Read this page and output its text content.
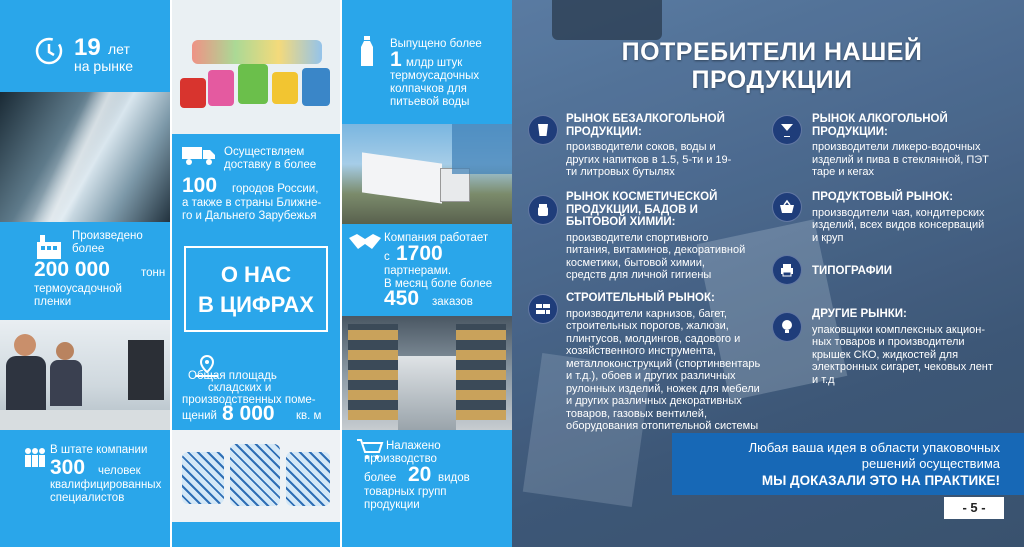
19 лет
на рынке
Произведено
более
200 000	тонн
термоусадочной
пленки
В штате компании
300 человек
квалифицированных
специалистов
Осуществляем
доставку в более
100 городов России,
а также в страны Ближне-
го и Дальнего Зарубежья
О НАС
В ЦИФРАХ
Общая площадь
складских и
производственных поме-
щений 8 000 кв. м
Выпущено более
1 млдр штук
термоусадочных
колпачков для
питьевой воды
Компания работает
с 1700
партнерами.
В месяц боле более
450 заказов
Налажено
производство
более 20 видов
товарных групп
продукции
ПОТРЕБИТЕЛИ НАШЕЙ
ПРОДУКЦИИ
РЫНОК БЕЗАЛКОГОЛЬНОЙ ПРОДУКЦИИ:
производители соков, воды и других напитков в 1.5, 5-ти и 19-ти литровых бутылях
РЫНОК АЛКОГОЛЬНОЙ ПРОДУКЦИИ:
производители ликеро-водочных изделий и пива в стеклянной, ПЭТ таре и кегах
РЫНОК КОСМЕТИЧЕСКОЙ ПРОДУКЦИИ, БАДОВ И БЫТОВОЙ ХИМИИ:
производители спортивного питания, витаминов, декоративной косметики, бытовой химии, средств для личной гигиены
ПРОДУКТОВЫЙ РЫНОК:
производители чая, кондитерских изделий, всех видов консерваций и круп
ТИПОГРАФИИ
СТРОИТЕЛЬНЫЙ РЫНОК:
производители карнизов, багет, строительных порогов, жалюзи, плинтусов, молдингов, садового и хозяйственного инструмента, металлоконструкций (спортинвентарь и т.д.), обоев и других различных рулонных изделий, ножек для мебели и других различных декоративных товаров, газовых вентилей, оборудования отопительной системы
ДРУГИЕ РЫНКИ:
упаковщики комплексных акцион-ных товаров и производители крышек СКО, жидкостей для электронных сигарет, чековых лент и т.д
Любая ваша идея в области упаковочных
решений осуществима
МЫ ДОКАЗАЛИ ЭТО НА ПРАКТИКЕ!
- 5 -
